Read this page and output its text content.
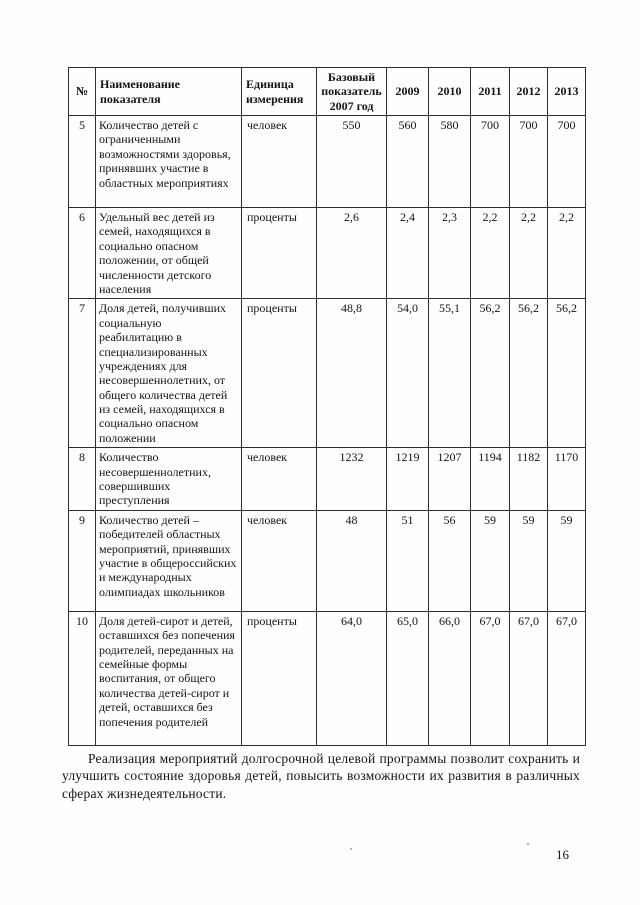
№	Наименование показателя	Единица измерения	Базовый показатель 2007 год	2009	2010	2011	2012	2013
5	Количество детей с ограниченными возможностями здоровья, принявших участие в областных мероприятиях	человек	550	560	580	700	700	700
6	Удельный вес детей из семей, находящихся в социально опасном положении, от общей численности детского населения	проценты	2,6	2,4	2,3	2,2	2,2	2,2
7	Доля детей, получивших социальную реабилитацию в специализированных учреждениях для несовершеннолетних, от общего количества детей из семей, находящихся в социально опасном положении	проценты	48,8	54,0	55,1	56,2	56,2	56,2
8	Количество несовершеннолетних, совершивших преступления	человек	1232	1219	1207	1194	1182	1170
9	Количество детей – победителей областных мероприятий, принявших участие в общероссийских и международных олимпиадах школьников	человек	48	51	56	59	59	59
10	Доля детей-сирот и детей, оставшихся без попечения родителей, переданных на семейные формы воспитания, от общего количества детей-сирот и детей, оставшихся без попечения родителей	проценты	64,0	65,0	66,0	67,0	67,0	67,0

Реализация мероприятий долгосрочной целевой программы позволит сохранить и улучшить состояние здоровья детей, повысить возможности их развития в различных сферах жизнедеятельности.

16
